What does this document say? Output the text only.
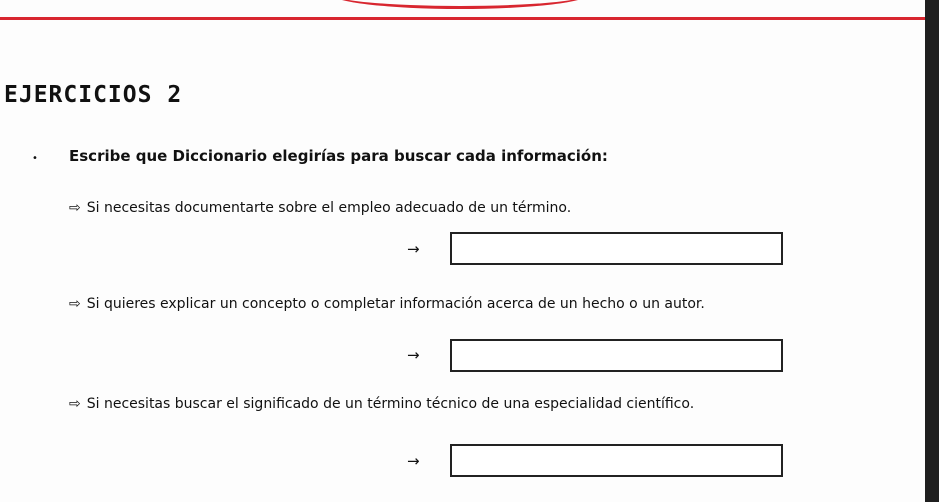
EJERCICIOS 2
• Escribe que Diccionario elegirías para buscar cada información:
⇨ Si necesitas documentarte sobre el empleo adecuado de un término.
→
⇨ Si quieres explicar un concepto o completar información acerca de un hecho o un autor.
→
⇨ Si necesitas buscar el significado de un término técnico de una especialidad científico.
→
